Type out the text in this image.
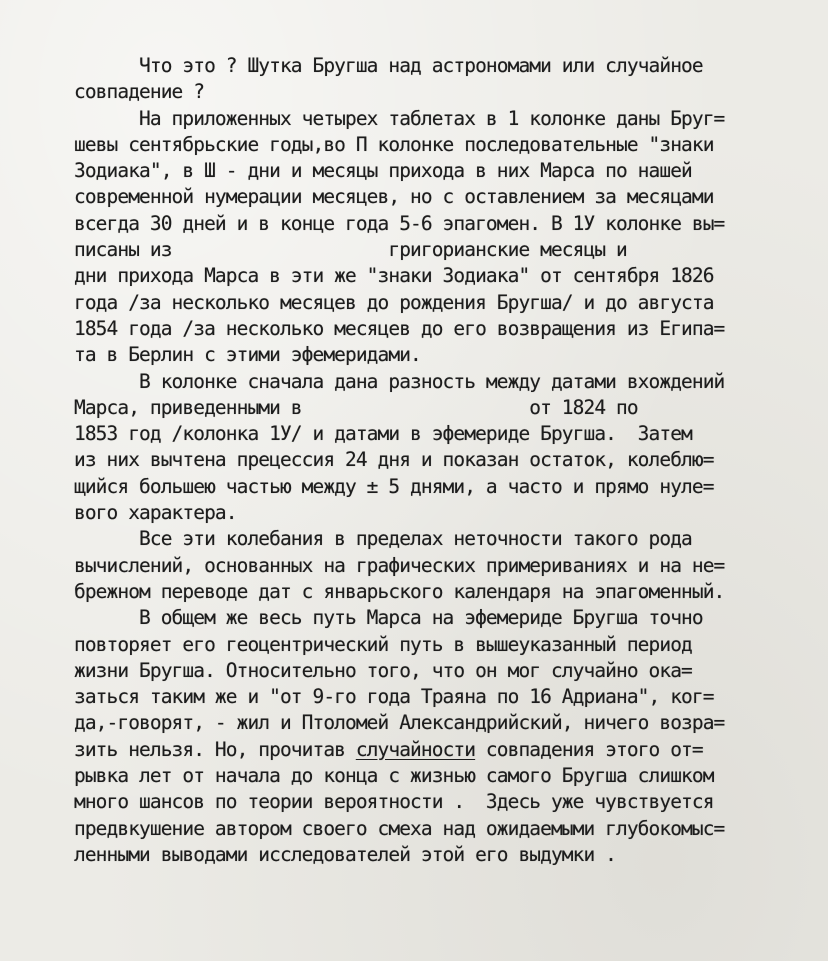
Что это ? Шутка Бругша над астрономами или случайное
совпадение ?
На приложенных четырех таблетах в 1 колонке даны Бруг=
шевы сентябрьские годы,во П колонке последовательные "знаки
Зодиака", в Ш - дни и месяцы прихода в них Марса по нашей
современной нумерации месяцев, но с оставлением за месяцами
всегда 30 дней и в конце года 5-6 эпагомен. В 1У колонке вы=
писаны из                    григорианские месяцы и
дни прихода Марса в эти же "знаки Зодиака" от сентября 1826
года /за несколько месяцев до рождения Бругша/ и до августа
1854 года /за несколько месяцев до его возвращения из Египа=
та в Берлин с этими эфемеридами.
В колонке сначала дана разность между датами вхождений
Марса, приведенными в                     от 1824 по
1853 год /колонка 1У/ и датами в эфемериде Бругша.  Затем
из них вычтена прецессия 24 дня и показан остаток, колеблю=
щийся большею частью между ± 5 днями, а часто и прямо нуле=
вого характера.
Все эти колебания в пределах неточности такого рода
вычислений, основанных на графических примериваниях и на не=
брежном переводе дат с январьского календаря на эпагоменный.
В общем же весь путь Марса на эфемериде Бругша точно
повторяет его геоцентрический путь в вышеуказанный период
жизни Бругша. Относительно того, что он мог случайно ока=
заться таким же и "от 9-го года Траяна по 16 Адриана", ког=
да,-говорят, - жил и Птоломей Александрийский, ничего возра=
зить нельзя. Но, прочитав случайности совпадения этого от=
рывка лет от начала до конца с жизнью самого Бругша слишком
много шансов по теории вероятности .  Здесь уже чувствуется
предвкушение автором своего смеха над ожидаемыми глубокомыс=
ленными выводами исследователей этой его выдумки .
